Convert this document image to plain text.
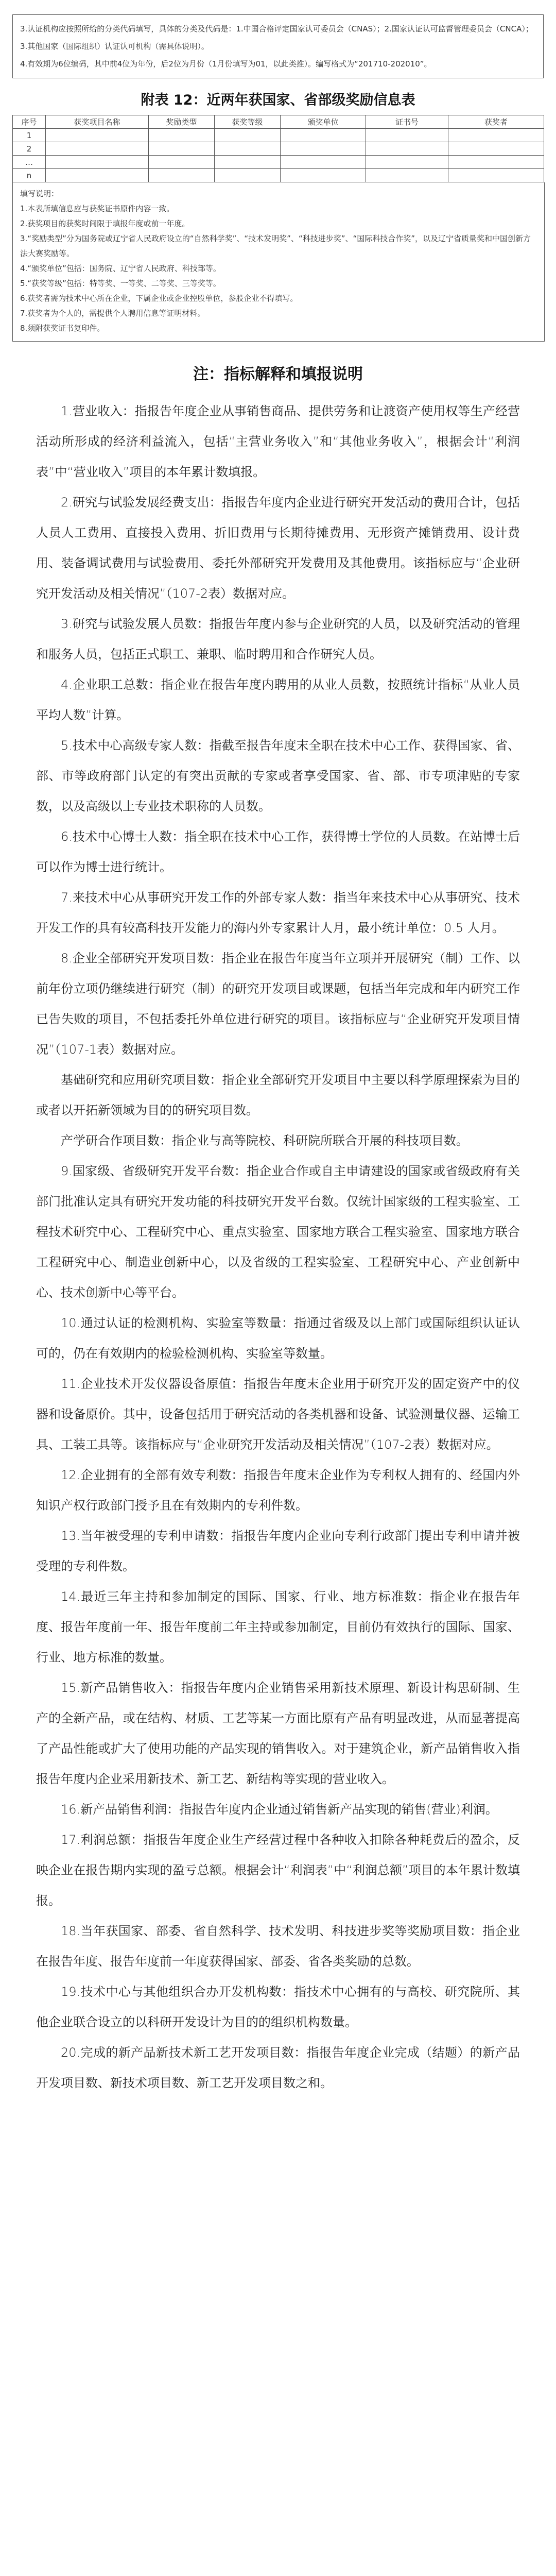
3.认证机构应按照所给的分类代码填写，具体的分类及代码是：1.中国合格评定国家认可委员会（CNAS）；2.国家认证认可监督管理委员会（CNCA）；3.其他国家（国际组织）认证认可机构（需具体说明）。

4.有效期为6位编码，其中前4位为年份，后2位为月份（1月份填写为01，以此类推）。编写格式为“201710-202010”。

附表 12：近两年获国家、省部级奖励信息表
序号	获奖项目名称	奖励类型	获奖等级	颁奖单位	证书号	获奖者
1						
2						
…						
n						

填写说明：

1.本表所填信息应与获奖证书原件内容一致。

2.获奖项目的获奖时间限于填报年度或前一年度。

3.“奖励类型”分为国务院或辽宁省人民政府设立的“自然科学奖”、“技术发明奖”、“科技进步奖”、“国际科技合作奖”，以及辽宁省质量奖和中国创新方法大赛奖励等。

4.“颁奖单位”包括：国务院、辽宁省人民政府、科技部等。

5.“获奖等级”包括：特等奖、一等奖、二等奖、三等奖等。

6.获奖者需为技术中心所在企业，下属企业或企业控股单位，参股企业不得填写。

7.获奖者为个人的，需提供个人聘用信息等证明材料。

8.须附获奖证书复印件。

注：指标解释和填报说明

1.营业收入：指报告年度企业从事销售商品、提供劳务和让渡资产使用权等生产经营活动所形成的经济利益流入，包括“主营业务收入”和“其他业务收入”，根据会计“利润表”中“营业收入”项目的本年累计数填报。

2.研究与试验发展经费支出：指报告年度内企业进行研究开发活动的费用合计，包括人员人工费用、直接投入费用、折旧费用与长期待摊费用、无形资产摊销费用、设计费用、装备调试费用与试验费用、委托外部研究开发费用及其他费用。该指标应与“企业研究开发活动及相关情况”（107-2表）数据对应。

3.研究与试验发展人员数：指报告年度内参与企业研究的人员，以及研究活动的管理和服务人员，包括正式职工、兼职、临时聘用和合作研究人员。

4.企业职工总数：指企业在报告年度内聘用的从业人员数，按照统计指标“从业人员平均人数”计算。

5.技术中心高级专家人数：指截至报告年度末全职在技术中心工作、获得国家、省、部、市等政府部门认定的有突出贡献的专家或者享受国家、省、部、市专项津贴的专家数，以及高级以上专业技术职称的人员数。

6.技术中心博士人数：指全职在技术中心工作，获得博士学位的人员数。在站博士后可以作为博士进行统计。

7.来技术中心从事研究开发工作的外部专家人数：指当年来技术中心从事研究、技术开发工作的具有较高科技开发能力的海内外专家累计人月，最小统计单位：0.5 人月。

8.企业全部研究开发项目数：指企业在报告年度当年立项并开展研究（制）工作、以前年份立项仍继续进行研究（制）的研究开发项目或课题，包括当年完成和年内研究工作已告失败的项目，不包括委托外单位进行研究的项目。该指标应与“企业研究开发项目情况”（107-1表）数据对应。

基础研究和应用研究项目数：指企业全部研究开发项目中主要以科学原理探索为目的或者以开拓新领域为目的的研究项目数。

产学研合作项目数：指企业与高等院校、科研院所联合开展的科技项目数。

9.国家级、省级研究开发平台数：指企业合作或自主申请建设的国家或省级政府有关部门批准认定具有研究开发功能的科技研究开发平台数。仅统计国家级的工程实验室、工程技术研究中心、工程研究中心、重点实验室、国家地方联合工程实验室、国家地方联合工程研究中心、制造业创新中心，以及省级的工程实验室、工程研究中心、产业创新中心、技术创新中心等平台。

10.通过认证的检测机构、实验室等数量：指通过省级及以上部门或国际组织认证认可的，仍在有效期内的检验检测机构、实验室等数量。

11.企业技术开发仪器设备原值：指报告年度末企业用于研究开发的固定资产中的仪器和设备原价。其中，设备包括用于研究活动的各类机器和设备、试验测量仪器、运输工具、工装工具等。该指标应与“企业研究开发活动及相关情况”（107-2表）数据对应。

12.企业拥有的全部有效专利数：指报告年度末企业作为专利权人拥有的、经国内外知识产权行政部门授予且在有效期内的专利件数。

13.当年被受理的专利申请数：指报告年度内企业向专利行政部门提出专利申请并被受理的专利件数。

14.最近三年主持和参加制定的国际、国家、行业、地方标准数：指企业在报告年度、报告年度前一年、报告年度前二年主持或参加制定，目前仍有效执行的国际、国家、行业、地方标准的数量。

15.新产品销售收入：指报告年度内企业销售采用新技术原理、新设计构思研制、生产的全新产品，或在结构、材质、工艺等某一方面比原有产品有明显改进，从而显著提高了产品性能或扩大了使用功能的产品实现的销售收入。对于建筑企业，新产品销售收入指报告年度内企业采用新技术、新工艺、新结构等实现的营业收入。

16.新产品销售利润：指报告年度内企业通过销售新产品实现的销售(营业)利润。

17.利润总额：指报告年度企业生产经营过程中各种收入扣除各种耗费后的盈余，反映企业在报告期内实现的盈亏总额。根据会计“利润表”中“利润总额”项目的本年累计数填报。

18.当年获国家、部委、省自然科学、技术发明、科技进步奖等奖励项目数：指企业在报告年度、报告年度前一年度获得国家、部委、省各类奖励的总数。

19.技术中心与其他组织合办开发机构数：指技术中心拥有的与高校、研究院所、其他企业联合设立的以科研开发设计为目的的组织机构数量。

20.完成的新产品新技术新工艺开发项目数：指报告年度企业完成（结题）的新产品开发项目数、新技术项目数、新工艺开发项目数之和。
